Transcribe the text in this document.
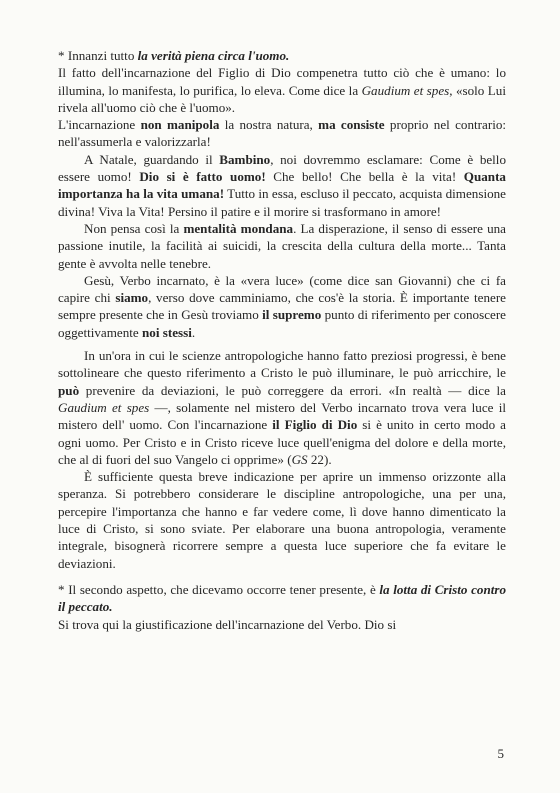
* Innanzi tutto la verità piena circa l'uomo.

Il fatto dell'incarnazione del Figlio di Dio compenetra tutto ciò che è umano: lo illumina, lo manifesta, lo purifica, lo eleva. Come dice la Gaudium et spes, «solo Lui rivela all'uomo ciò che è l'uomo».

L'incarnazione non manipola la nostra natura, ma consiste proprio nel contrario: nell'assumerla e valorizzarla!

A Natale, guardando il Bambino, noi dovremmo esclamare: Come è bello essere uomo! Dio si è fatto uomo! Che bello! Che bella è la vita! Quanta importanza ha la vita umana! Tutto in essa, escluso il peccato, acquista dimensione divina! Viva la Vita! Persino il patire e il morire si trasformano in amore!

Non pensa così la mentalità mondana. La disperazione, il senso di essere una passione inutile, la facilità ai suicidi, la crescita della cultura della morte... Tanta gente è avvolta nelle tenebre.

Gesù, Verbo incarnato, è la «vera luce» (come dice san Giovanni) che ci fa capire chi siamo, verso dove camminiamo, che cos'è la storia. È importante tenere sempre presente che in Gesù troviamo il supremo punto di riferimento per conoscere oggettivamente noi stessi.

In un'ora in cui le scienze antropologiche hanno fatto preziosi progressi, è bene sottolineare che questo riferimento a Cristo le può illuminare, le può arricchire, le può prevenire da deviazioni, le può correggere da errori. «In realtà — dice la Gaudium et spes —, solamente nel mistero del Verbo incarnato trova vera luce il mistero dell' uomo. Con l'incarnazione il Figlio di Dio si è unito in certo modo a ogni uomo. Per Cristo e in Cristo riceve luce quell'enigma del dolore e della morte, che al di fuori del suo Vangelo ci opprime» (GS 22).

È sufficiente questa breve indicazione per aprire un immenso orizzonte alla speranza. Si potrebbero considerare le discipline antropologiche, una per una, percepire l'importanza che hanno e far vedere come, lì dove hanno dimenticato la luce di Cristo, si sono sviate. Per elaborare una buona antropologia, veramente integrale, bisognerà ricorrere sempre a questa luce superiore che fa evitare le deviazioni.

* Il secondo aspetto, che dicevamo occorre tener presente, è la lotta di Cristo contro il peccato.

Si trova qui la giustificazione dell'incarnazione del Verbo. Dio si

5
